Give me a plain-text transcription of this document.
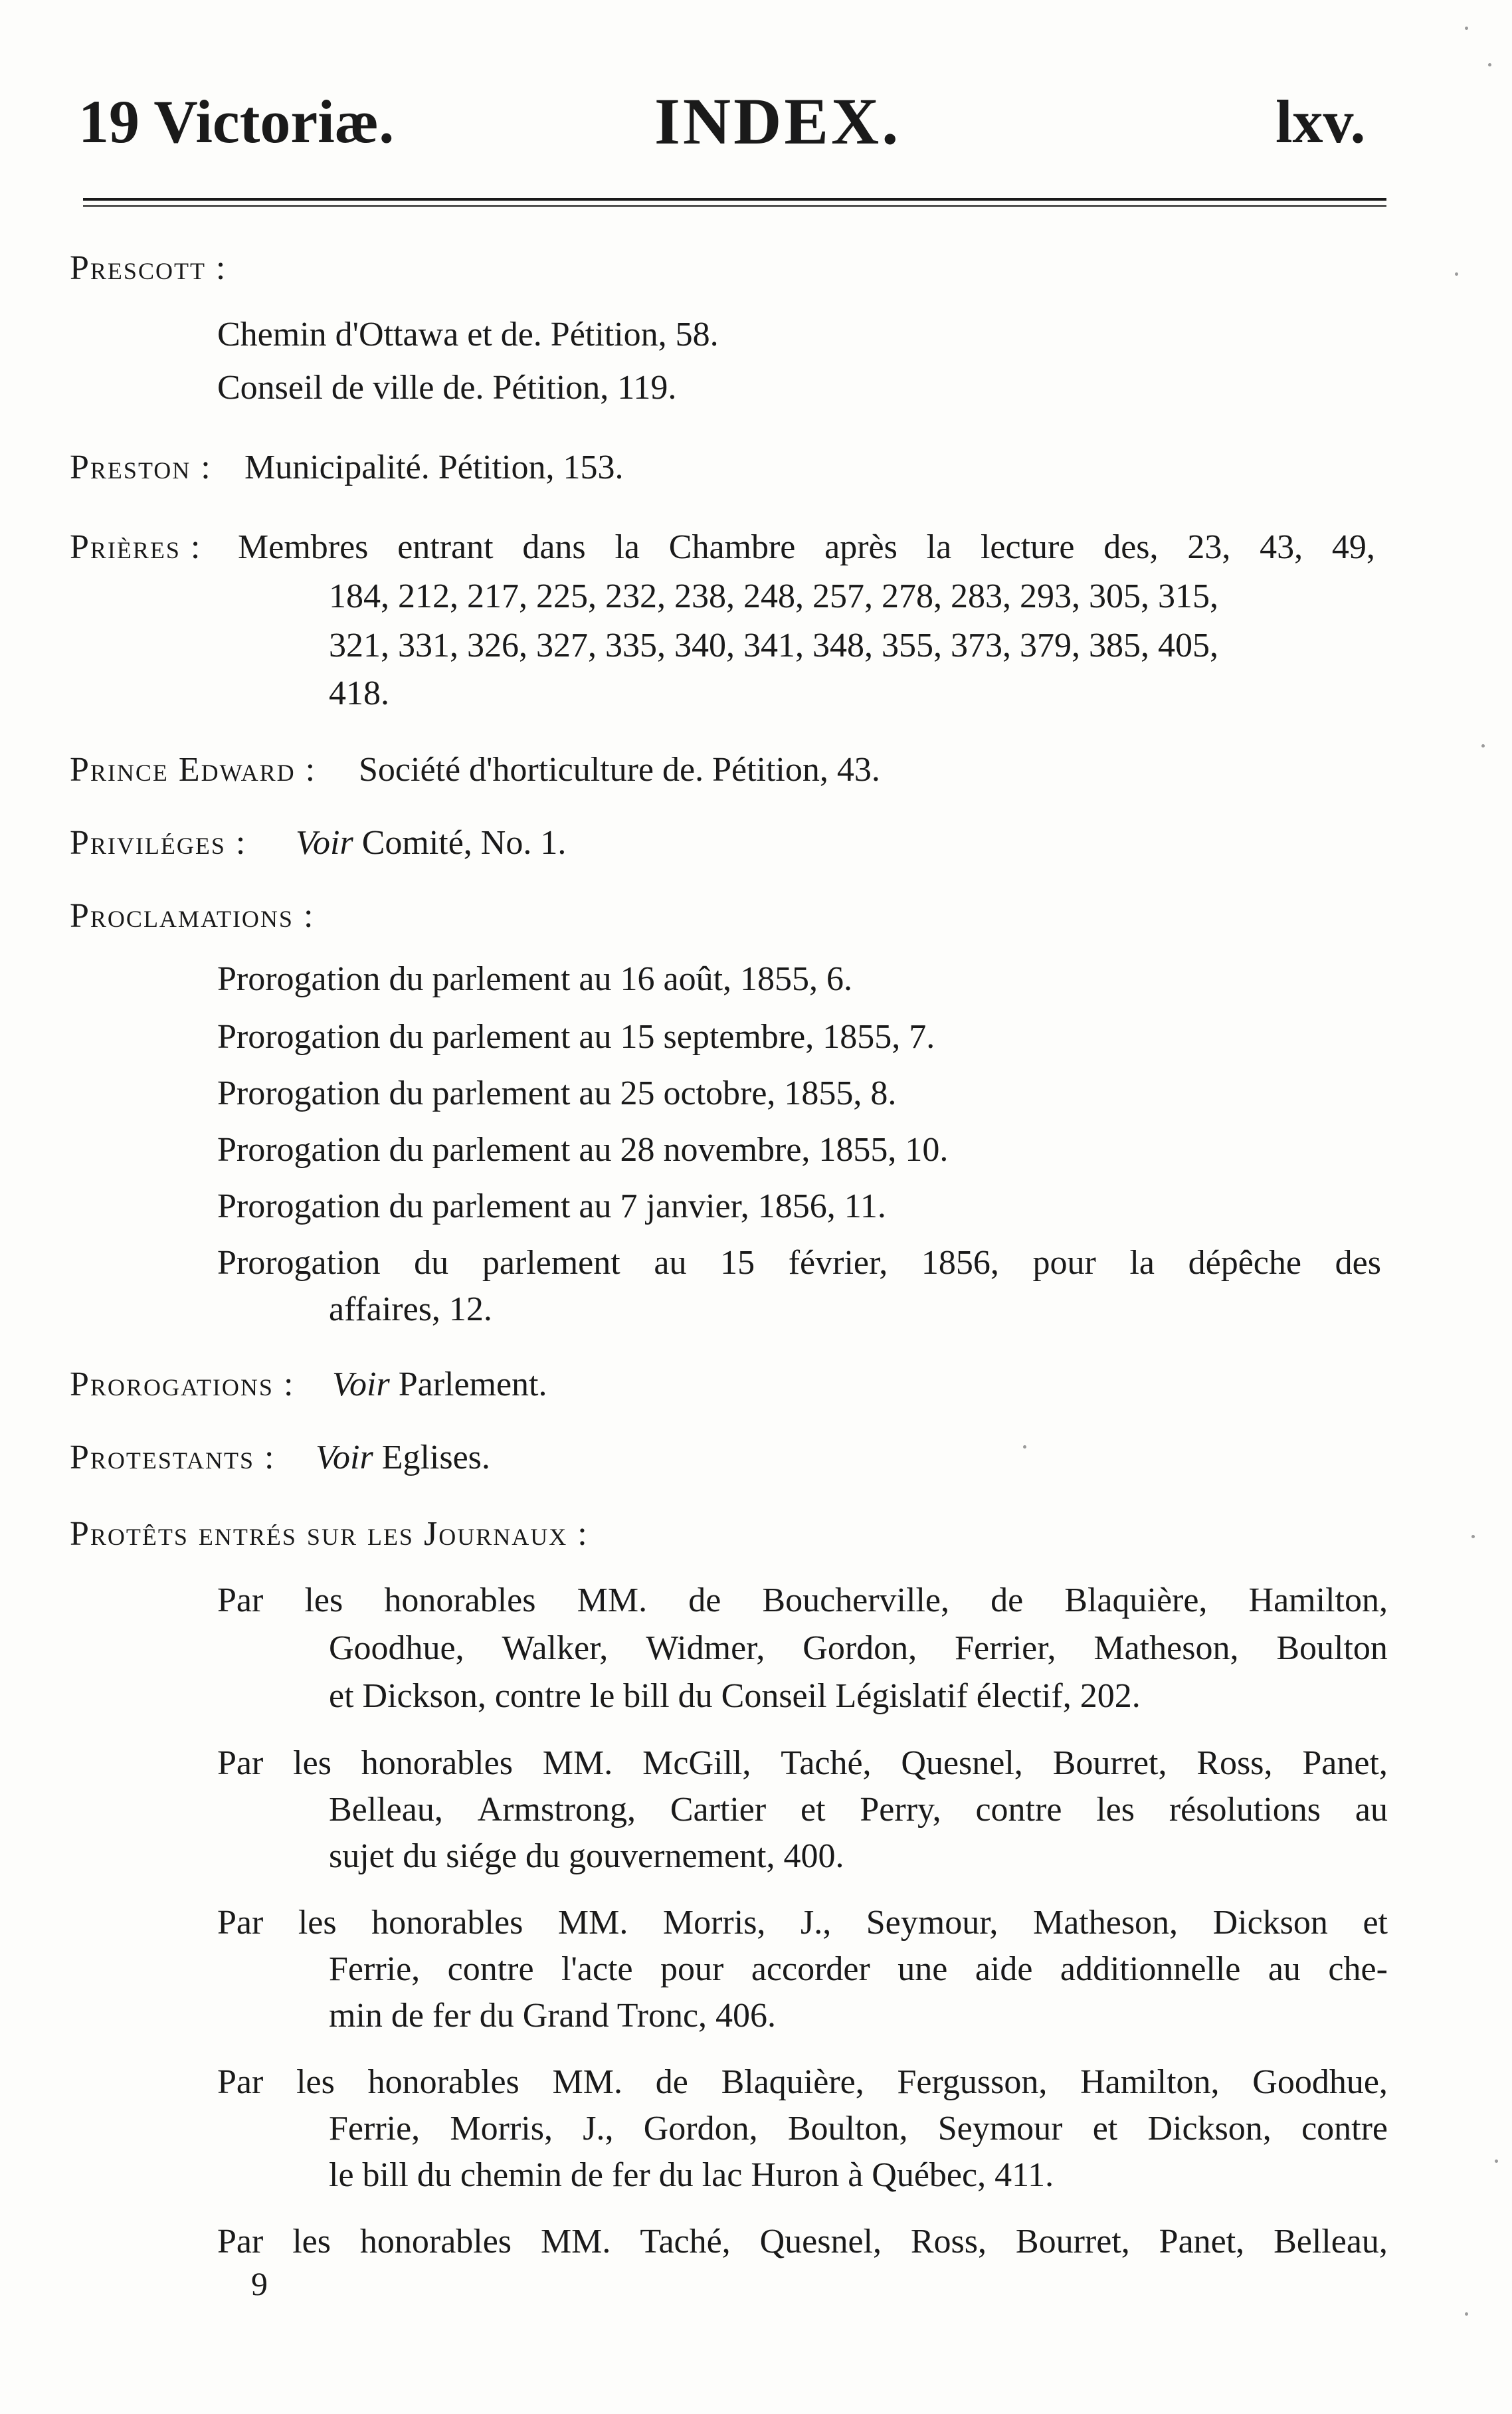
19 Victoriæ.	INDEX.	lxv.
Prescott :
Chemin d'Ottawa et de. Pétition, 58.
Conseil de ville de. Pétition, 119.
Preston : Municipalité. Pétition, 153.
Prières : Membres entrant dans la Chambre après la lecture des, 23, 43, 49,
184, 212, 217, 225, 232, 238, 248, 257, 278, 283, 293, 305, 315,
321, 331, 326, 327, 335, 340, 341, 348, 355, 373, 379, 385, 405,
418.
Prince Edward : Société d'horticulture de. Pétition, 43.
Priviléges : Voir Comité, No. 1.
Proclamations :
Prorogation du parlement au 16 août, 1855, 6.
Prorogation du parlement au 15 septembre, 1855, 7.
Prorogation du parlement au 25 octobre, 1855, 8.
Prorogation du parlement au 28 novembre, 1855, 10.
Prorogation du parlement au 7 janvier, 1856, 11.
Prorogation du parlement au 15 février, 1856, pour la dépêche des
affaires, 12.
Prorogations : Voir Parlement.
Protestants : Voir Eglises.
Protêts entrés sur les Journaux :
Par les honorables MM. de Boucherville, de Blaquière, Hamilton,
Goodhue, Walker, Widmer, Gordon, Ferrier, Matheson, Boulton
et Dickson, contre le bill du Conseil Législatif électif, 202.
Par les honorables MM. McGill, Taché, Quesnel, Bourret, Ross, Panet,
Belleau, Armstrong, Cartier et Perry, contre les résolutions au
sujet du siége du gouvernement, 400.
Par les honorables MM. Morris, J., Seymour, Matheson, Dickson et
Ferrie, contre l'acte pour accorder une aide additionnelle au che-
min de fer du Grand Tronc, 406.
Par les honorables MM. de Blaquière, Fergusson, Hamilton, Goodhue,
Ferrie, Morris, J., Gordon, Boulton, Seymour et Dickson, contre
le bill du chemin de fer du lac Huron à Québec, 411.
Par les honorables MM. Taché, Quesnel, Ross, Bourret, Panet, Belleau,
9
